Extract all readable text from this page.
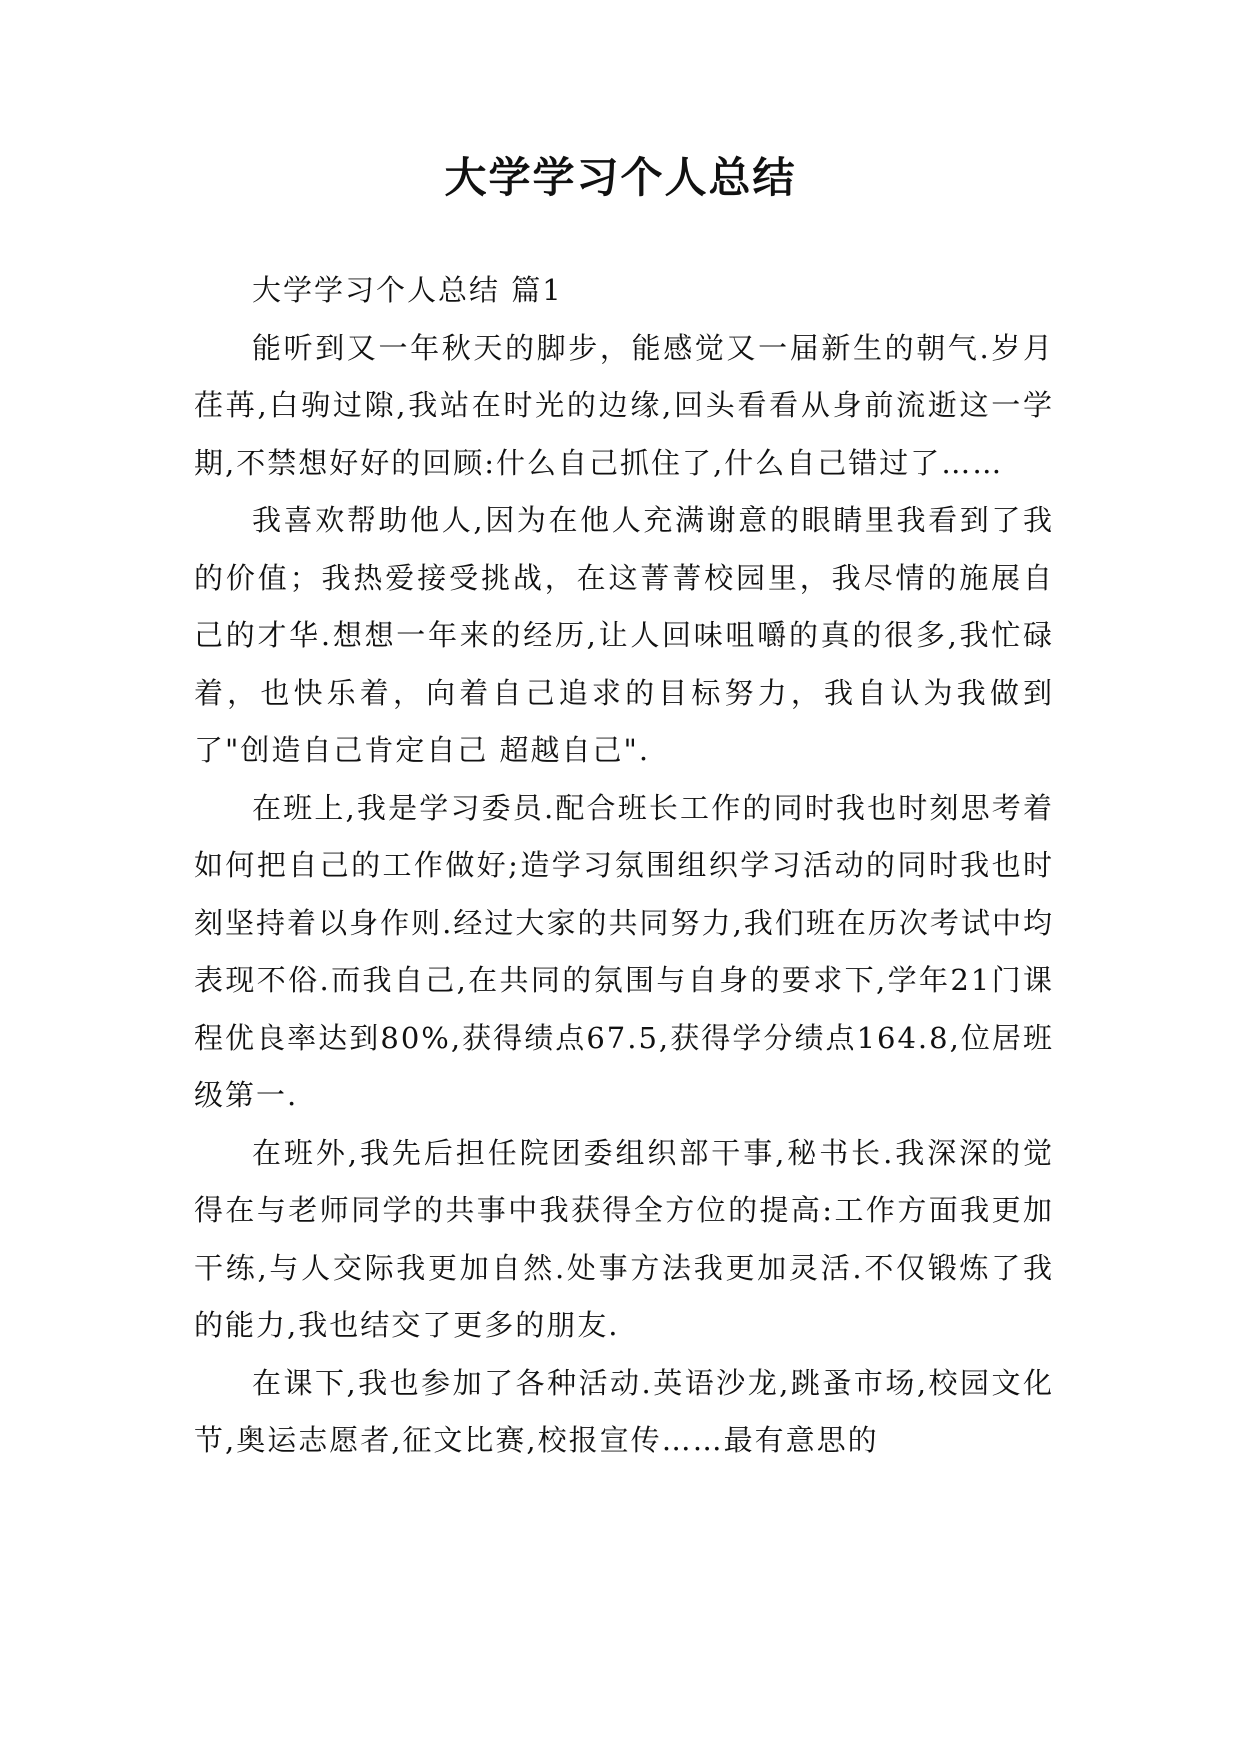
大学学习个人总结

大学学习个人总结 篇1

能听到又一年秋天的脚步，能感觉又一届新生的朝气.岁月荏苒,白驹过隙,我站在时光的边缘,回头看看从身前流逝这一学期,不禁想好好的回顾:什么自己抓住了,什么自己错过了……

我喜欢帮助他人,因为在他人充满谢意的眼睛里我看到了我的价值；我热爱接受挑战，在这菁菁校园里，我尽情的施展自己的才华.想想一年来的经历,让人回味咀嚼的真的很多,我忙碌着，也快乐着，向着自己追求的目标努力，我自认为我做到了"创造自己肯定自己 超越自己".

在班上,我是学习委员.配合班长工作的同时我也时刻思考着如何把自己的工作做好;造学习氛围组织学习活动的同时我也时刻坚持着以身作则.经过大家的共同努力,我们班在历次考试中均表现不俗.而我自己,在共同的氛围与自身的要求下,学年21门课程优良率达到80%,获得绩点67.5,获得学分绩点164.8,位居班级第一.

在班外,我先后担任院团委组织部干事,秘书长.我深深的觉得在与老师同学的共事中我获得全方位的提高:工作方面我更加干练,与人交际我更加自然.处事方法我更加灵活.不仅锻炼了我的能力,我也结交了更多的朋友.

在课下,我也参加了各种活动.英语沙龙,跳蚤市场,校园文化节,奥运志愿者,征文比赛,校报宣传……最有意思的
